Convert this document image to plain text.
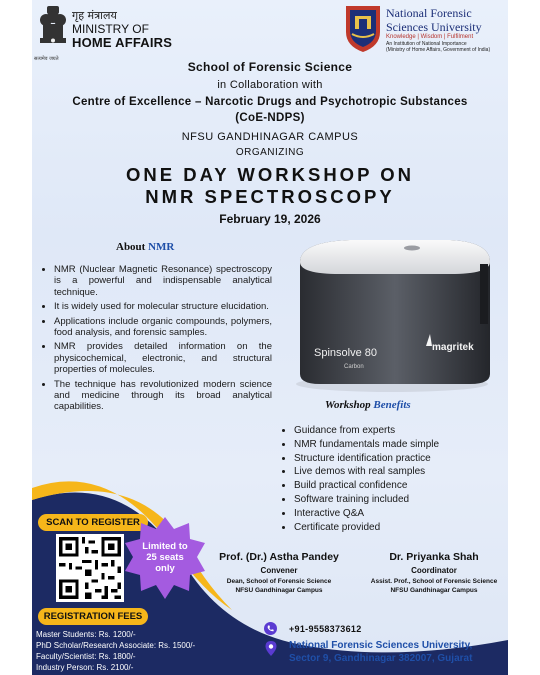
गृह मंत्रालय
MINISTRY OF
HOME AFFAIRS
सत्यमेव जयते
National Forensic
Sciences University
Knowledge | Wisdom | Fulfilment
An Institution of National Importance
(Ministry of Home Affairs, Government of India)
School of Forensic Science
in Collaboration with
Centre of Excellence – Narcotic Drugs and Psychotropic Substances
(CoE-NDPS)
NFSU GANDHINAGAR CAMPUS
ORGANIZING
ONE DAY WORKSHOP ON
NMR SPECTROSCOPY
February 19, 2026
About NMR
• NMR (Nuclear Magnetic Resonance) spectroscopy is a powerful and indispensable analytical technique.
• It is widely used for molecular structure elucidation.
• Applications include organic compounds, polymers, food analysis, and forensic samples.
• NMR provides detailed information on the physicochemical, electronic, and structural properties of molecules.
• The technique has revolutionized modern science and medicine through its broad analytical capabilities.
Spinsolve 80
Carbon
magritek
Workshop Benefits
• Guidance from experts
• NMR fundamentals made simple
• Structure identification practice
• Live demos with real samples
• Build practical confidence
• Software training included
• Interactive Q&A
• Certificate provided
SCAN TO REGISTER
Limited to
25 seats
only
REGISTRATION FEES
Master Students: Rs. 1200/-
PhD Scholar/Research Associate: Rs. 1500/-
Faculty/Scientist: Rs. 1800/-
Industry Person: Rs. 2100/-
Prof. (Dr.) Astha Pandey
Convener
Dean, School of Forensic Science
NFSU Gandhinagar Campus
Dr. Priyanka Shah
Coordinator
Assist. Prof., School of Forensic Science
NFSU Gandhinagar Campus
+91-9558373612
National Forensic Sciences University,
Sector 9, Gandhinagar 382007, Gujarat
